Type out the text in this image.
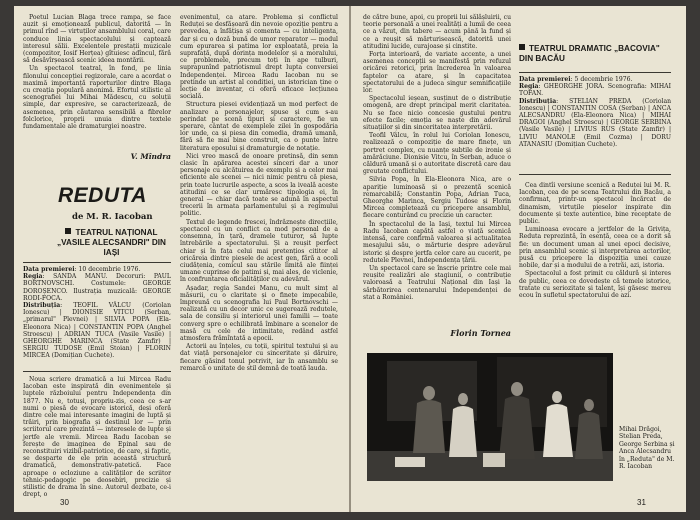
Poetul Lucian Blaga trece rampa, se face auzit și emoționează publicul, datorită — în primul rînd — virtuților ansamblului coral, care conduce linia spectacolului și captează interesul sălii. Excelentele prestații muzicale (compozitor, Iosif Herțea) gîtuiesc adîncul, fără să desăvîrșească scenic ideea montării.

Un spectacol teatral, în fond, pe linia filonului concepției regizorale, care a acordat o maximă importanță raporturilor dintre Blaga cu creația populară anonimă. Efortul stilistic al scenografiei lui Mihai Mădescu, cu soluții simple, dar expresive, se caracterizează, de asemenea, prin căutarea sensibilă a fibrelor folclorice, proprii unuia dintre textele fundamentale ale dramaturgiei noastre.

V. Mîndra
REDUTA
de M. R. Iacoban
TEATRUL NAȚIONAL „VASILE ALECSANDRI" DIN IAȘI
Data premierei: 10 decembrie 1976.
Regia: SANDA MANU. Decoruri: PAUL BORTNOVSCHI. Costumele: GEORGE DOROȘENCO. Ilustrația muzicală: GEORGE RODI-FOCA.
Distribuția: TEOFIL VÂLCU (Coriolan Ionescu) | DIONISIE VITCU (Serban, „primarul" Plevnei) | SILVIA POPA (Ela-Eleonora Nica) | CONSTANTIN POPA (Anghel Stroescu) | ADRIAN TUCA (Vasile Vasile) | GHEORGHE MARINCA (State Zamfir) | SERGIU TUDOSE (Emil Stoian) | FLORIN MIRCEA (Domițian Cuchete).

Noua scriere dramatică a lui Mircea Radu Iacoban este inspirată din evenimentele și luptele războiului pentru Independența din 1877. Nu e, totuși, propriu-zis, ceea ce s-ar numi o piesă de evocare istorică, deși oferă dintre cele mai interesante imagini de luptă și trăiri, prin biografia și destinul lor — prin scriitorul care prezintă — interesele de lupte și jertfe ale vremii. Mircea Radu Iacoban se ferește de imaginea de Epinal sau de reconstituiri vizibil-patriotice, de care, și faptic, se desparte de ele prin această structură dramatică, demonstrativ-patetică. Face aproape o ecloziune a calităților de scriitor tehnic-pedagogic pe deosebiri, precizie și stilistic de drama în sine. Autorul dezbate, ce-i drept, o

evenimentul, ca atare. Problema și conflictul Reduței se desfășoară din nevoie opoziție pentru a prevedea, a înfățișa și comenta — cu inteligenta, dar și cu o doză bună de umor reparator — modul cum epurarea și patima lor exploatată, preia la suprafață, după dorința modelelor și a moralului, ce problemele, precum toți în ape tulburi, suprapunînd patriotismul drept lupta conversiei Independenței. Mircea Radu Iacoban nu se pretinde un artist al condiției, un istorician ține o lecție de inventar, ci oferă eficace lecțiunea socială.

Structura piesei evidențiază un mod perfect de analizare a personajelor, spuse și cum s-au perindat pe scenă tipuri și caractere, fie un sperare, cântat de exemplele zilei în gospodăria lor unde, ca și piesa din comedia, dramă umană, fără să fie mai bine construit, ca o punte între literatura eposului și dramaturgie de notație.

Nici vreo mască de onoare pretinsă, din semn clasic în apărarea acestei sinceri dar a unor personaje cu alcătuirea de exemplu și a celor mai eficiente ale scenei — nici nimic pentru că piesa, prin toate lucrurile aspecte, a scos la iveală aceste atitudini ce se clar urmăresc tipologia ei, în general — chiar dacă toate se adună în aspectul trecerii în armata parlamentului și a regimului politic.

Textul de legende frescei, îndrăznește direcțiile, spectacol cu un conflict ca mod personal de a consemna, în țară, dramele tuturor, să lupte întrebările a spectatorului. Și a reușit perfect chiar și în fața celui mai pretențios cititor al oricăreia dintre piesele de acest gen, fără a ocoli ciudățenia, comicul sau stările limită ale ființei umane cuprinse de patimi și, mai ales, de viclenie, în confruntarea oficialităților cu adevărul.

Așadar, regia Sandei Manu, cu mult simț al măsurii, cu o claritate și o finețe impecabile, împreună cu scenografia lui Paul Bortnovschi — realizată cu un decor unic ce sugerează redutele, sala de consiliu și interiorul unei familii — toate converg spre o echilibrată îmbinare a scenelor de masă cu cele de intimitate, redând astfel atmosfera frămîntată a epocii.

Actorii au înțeles, cu toții, spiritul textului și au dat viață personajelor cu sinceritate și dăruire, fiecare găsind tonul potrivit, iar în ansamblu se remarcă o unitate de stil demnă de toată lauda.

30

de către bune, apoi, cu proprii lui sălășluirii, cu teorie personală a unei realități a lumii de ceea ce a văzut, din tabere — acum până la fund și ce a reușit să mărturisească, datorită unei atitudini lucide, curajoase și cinstite.

Forța interioară, de variate accente, a unei asemenea concepții se manifestă prin refuzul oricărei retorici, prin încrederea în valoarea faptelor ca atare, și în capacitatea spectatorului de a judeca singur semnificațiile lor.

Spectacolul ieșean, susținut de o distribuție omogenă, are drept principal merit claritatea. Nu se face nicio concesie gustului pentru efecte facile; emoția se naște din adevărul situațiilor și din sinceritatea interpretării.

Teofil Vâlcu, în rolul lui Coriolan Ionescu, realizează o compoziție de mare finețe, un portret complex, cu nuanțe subtile de ironie și amărăciune. Dionisie Vitcu, în Serban, aduce o căldură umană și o autoritate discretă care dau greutate conflictului.

Silvia Popa, în Ela-Eleonora Nica, are o apariție luminoasă și o prezență scenică remarcabilă; Constantin Popa, Adrian Tuca, Gheorghe Marinca, Sergiu Tudose și Florin Mircea completează cu pricepere ansamblul, fiecare conturând cu precizie un caracter.

În spectacolul de la Iași, textul lui Mircea Radu Iacoban capătă astfel o viață scenică intensă, care confirmă valoarea și actualitatea mesajului său, o mărturie despre adevărul istoric și despre jertfa celor care au cucerit, pe redutele Plevnei, Independența țării.

Un spectacol care se înscrie printre cele mai reușite realizări ale stagiunii, o contribuție valoroasă a Teatrului Național din Iași la sărbătorirea centenarului Independenței de stat a României.

Florin Tornea
TEATRUL DRAMATIC „BACOVIA" DIN BACĂU
Data premierei: 5 decembrie 1976.
Regia: GHEORGHE JORA. Scenografia: MIHAI TOFAN.
Distribuția: STELIAN PREDA (Coriolan Ionescu) | CONSTANTIN COSA (Serban) | ANCA ALECSANDRU (Ela-Eleonora Nica) | MIHAI DRAGOI (Anghel Stroescu) | GEORGE SERBINA (Vasile Vasile) | LIVIUS RUS (State Zamfir) | LIVIU MANOLE (Emil Cozma) | DORU ATANASIU (Domițian Cuchete).

Cea dintîi versiune scenică a Reduței lui M. R. Iacoban, cea de pe scena Teatrului din Bacău, a confirmat, printr-un spectacol încărcat de dinamism, virtuțile pieselor inspirate din documente și texte autentice, bine receptate de public.

Luminoasa evocare a jertfelor de la Grivița, Reduta reprezintă, în esență, ceea ce a dorit să fie: un document uman al unei epoci decisive, prin ansamblul scenic și interpretarea actorilor, pusă cu pricepere la dispoziția unei cauze nobile, dar și a modului de a retrăi, azi, istoria.

Spectacolul a fost primit cu căldură și interes de public, ceea ce dovedește că temele istorice, tratate cu seriozitate și talent, își găsesc mereu ecou în sufletul spectatorului de azi.

Mihai Drăgoi, Stelian Preda, George Serbina și Anca Alecsandru în „Reduta" de M. R. Iacoban
31
